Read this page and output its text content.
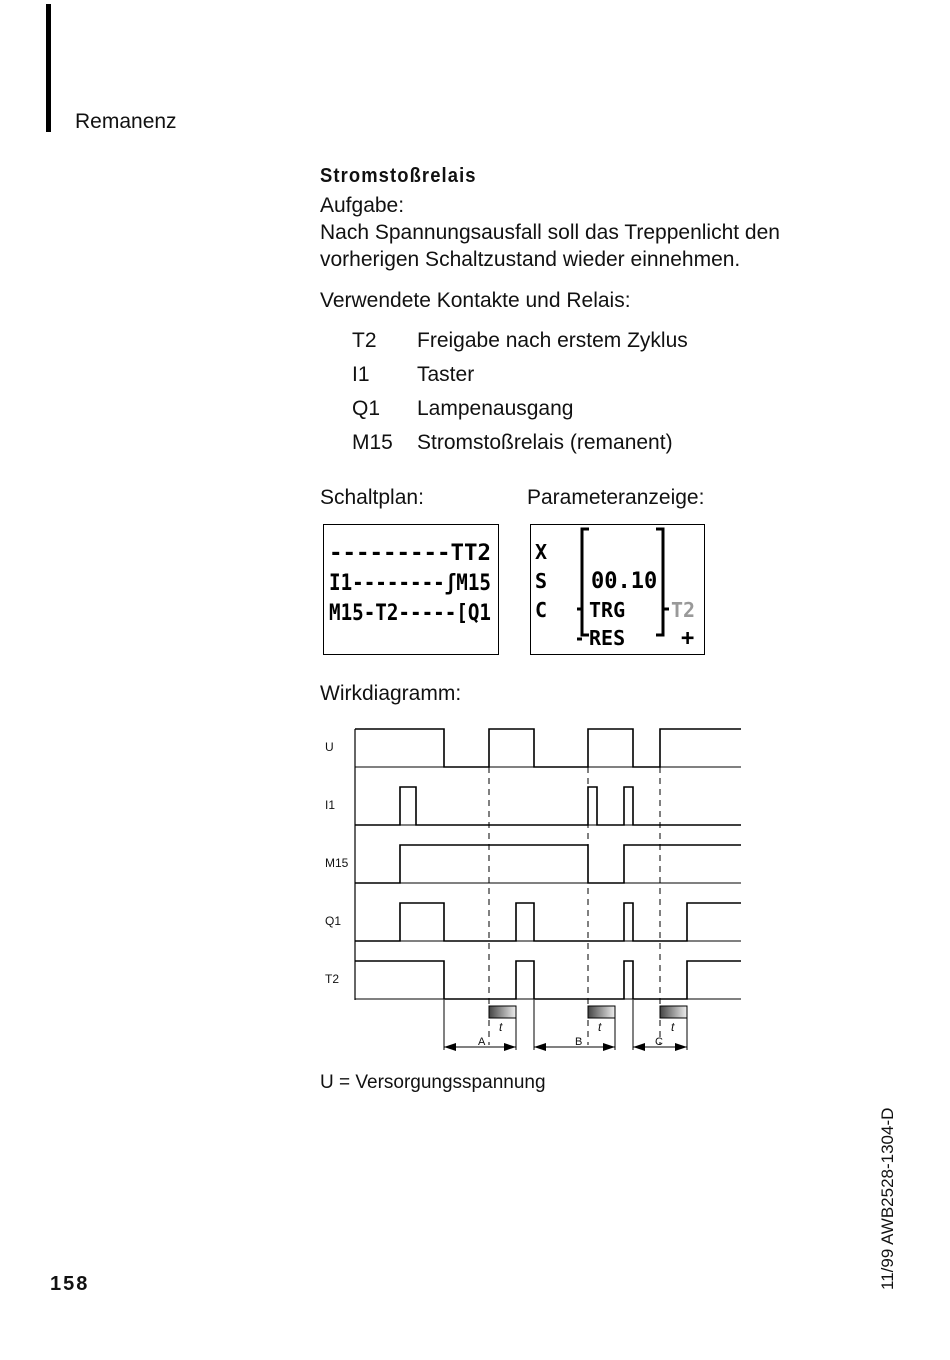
Remanenz
Stromstoßrelais
Aufgabe:
Nach Spannungsausfall soll das Treppenlicht den
vorherigen Schaltzustand wieder einnehmen.
Verwendete Kontakte und Relais:
T2 Freigabe nach erstem Zyklus
I1 Taster
Q1 Lampenausgang
M15 Stromstoßrelais (remanent)
Schaltplan:	Parameteranzeige:
---------TT2
I1--------ʃM15
M15-T2-----[Q1
X
S
C
00.10
TRG
RES
T2
+
Wirkdiagramm:
U
I1
M15
Q1
T2
t	t	t
A	B	C
U = Versorgungsspannung
158	11/99 AWB2528-1304-D
